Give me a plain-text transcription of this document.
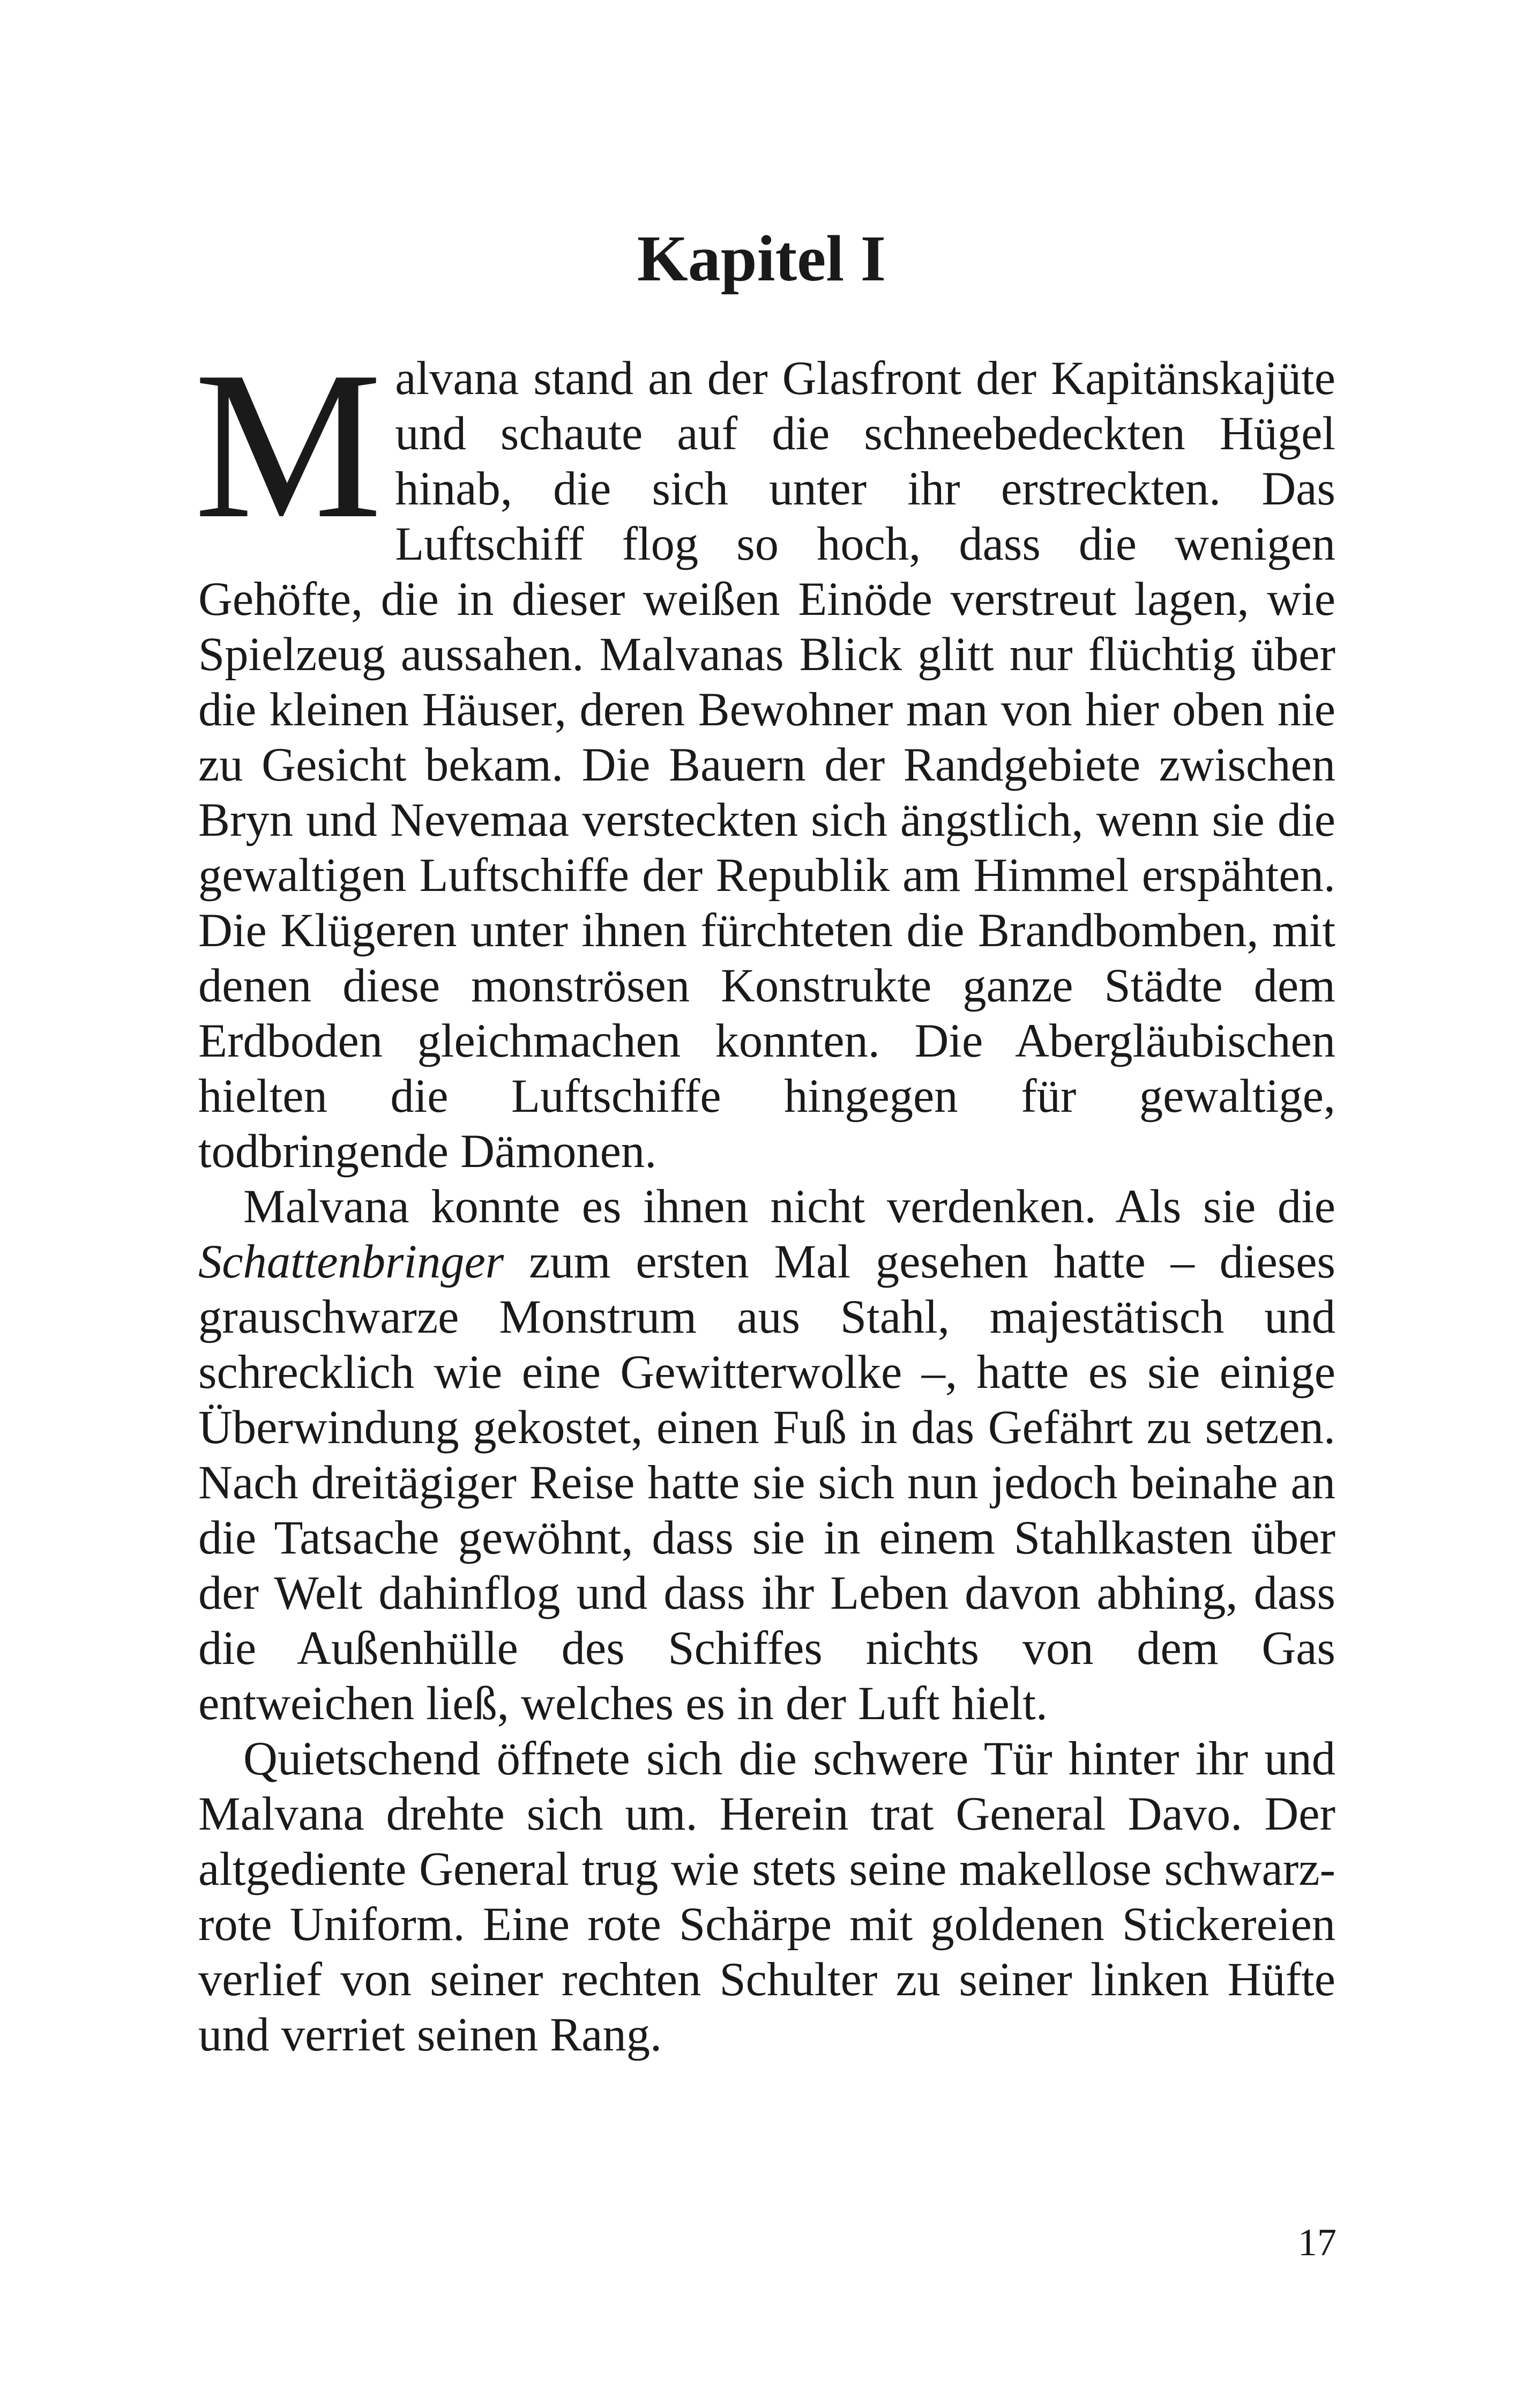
Kapitel I

Malvana stand an der Glasfront der Kapitänskajüte und schaute auf die schneebedeckten Hügel hinab, die sich unter ihr erstreckten. Das Luftschiff flog so hoch, dass die wenigen Gehöfte, die in dieser weißen Einöde verstreut lagen, wie Spielzeug aussahen. Malvanas Blick glitt nur flüchtig über die kleinen Häuser, deren Bewohner man von hier oben nie zu Gesicht bekam. Die Bauern der Randgebiete zwischen Bryn und Nevemaa versteckten sich ängstlich, wenn sie die gewaltigen Luftschiffe der Republik am Himmel erspähten. Die Klügeren unter ihnen fürchteten die Brandbomben, mit denen diese monströsen Konstrukte ganze Städte dem Erdboden gleichmachen konnten. Die Abergläubischen hielten die Luftschiffe hingegen für gewaltige, todbringende Dämonen.

Malvana konnte es ihnen nicht verdenken. Als sie die Schattenbringer zum ersten Mal gesehen hatte – dieses grauschwarze Monstrum aus Stahl, majestätisch und schrecklich wie eine Gewitterwolke –, hatte es sie einige Überwindung gekostet, einen Fuß in das Gefährt zu setzen. Nach dreitägiger Reise hatte sie sich nun jedoch beinahe an die Tatsache gewöhnt, dass sie in einem Stahlkasten über der Welt dahinflog und dass ihr Leben davon abhing, dass die Außenhülle des Schiffes nichts von dem Gas entweichen ließ, welches es in der Luft hielt.

Quietschend öffnete sich die schwere Tür hinter ihr und Malvana drehte sich um. Herein trat General Davo. Der altgediente General trug wie stets seine makellose schwarz-rote Uniform. Eine rote Schärpe mit goldenen Stickereien verlief von seiner rechten Schulter zu seiner linken Hüfte und verriet seinen Rang.

17
